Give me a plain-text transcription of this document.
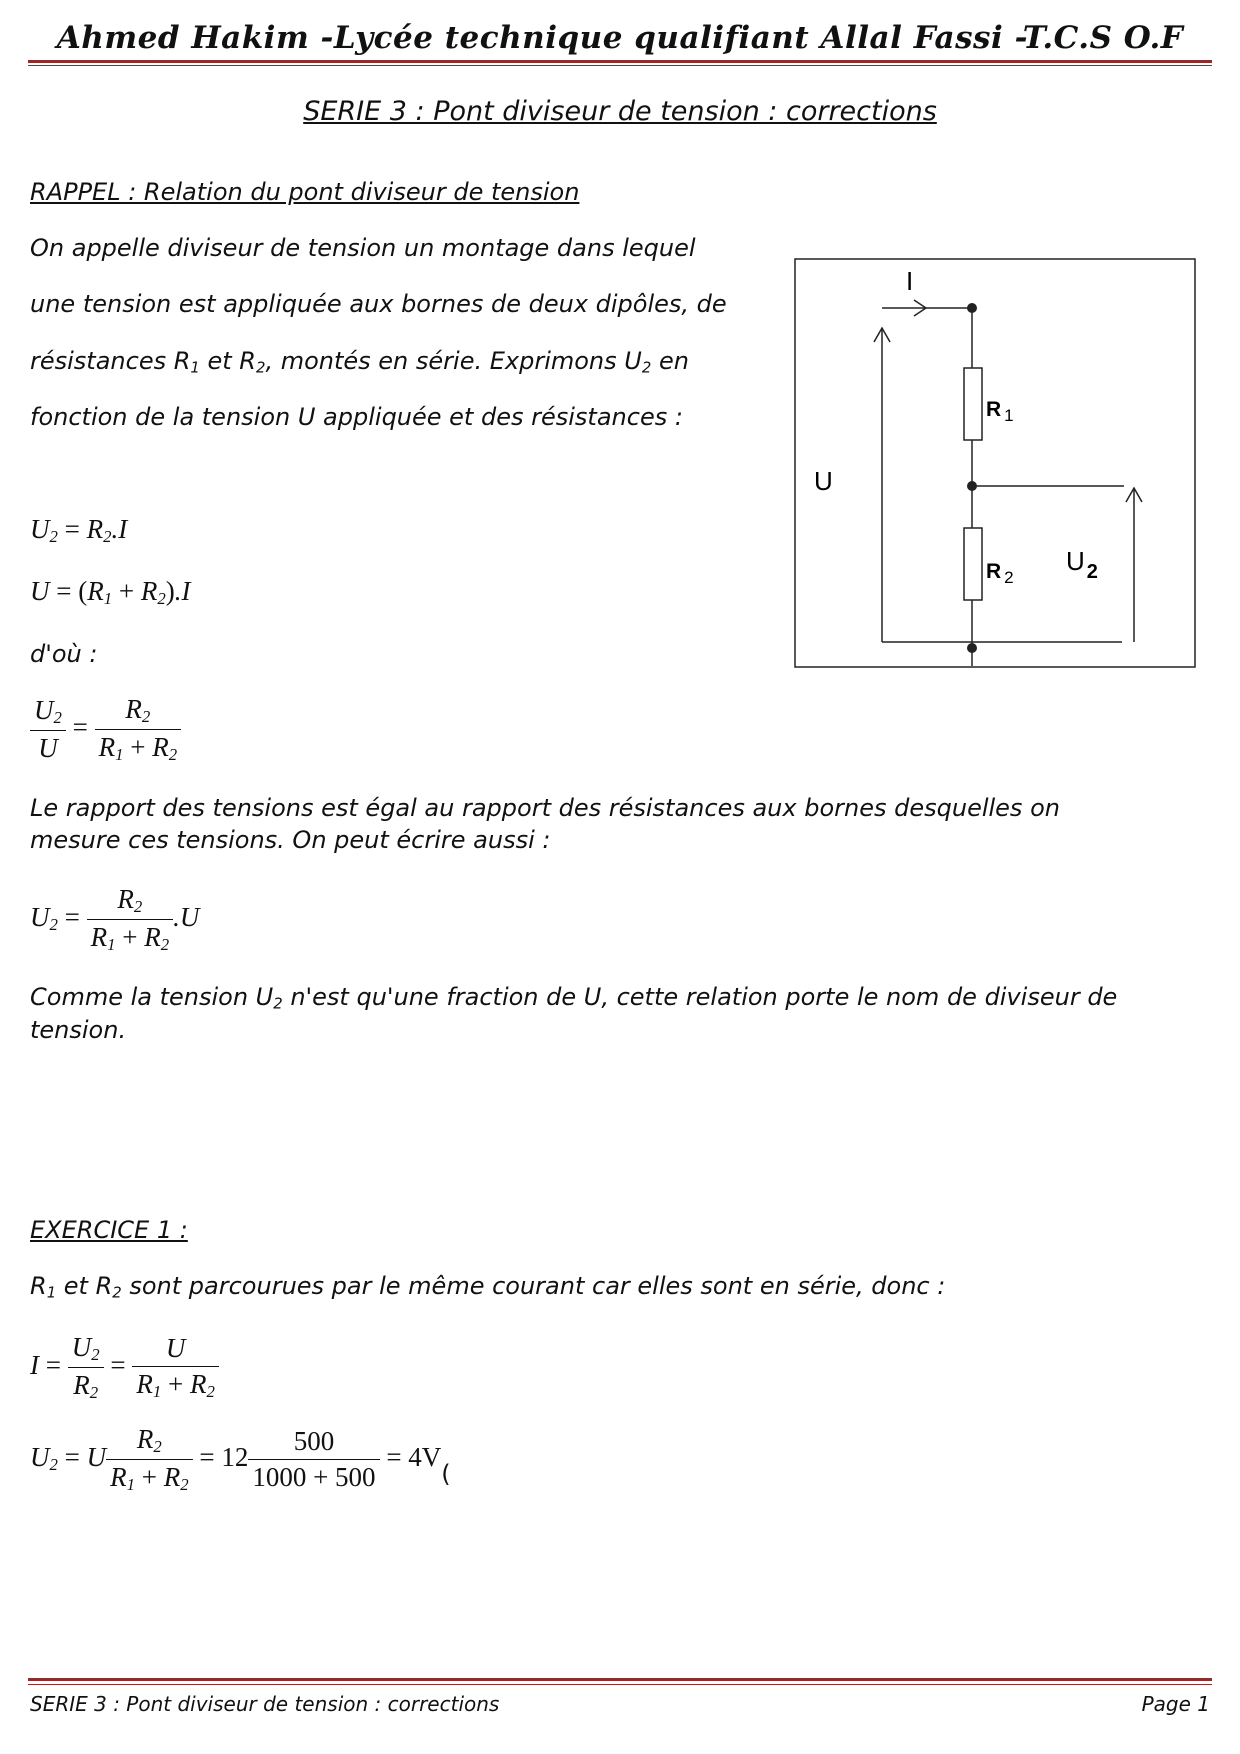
Ahmed Hakim -Lycée technique qualifiant Allal Fassi -T.C.S O.F
SERIE 3 : Pont diviseur de tension : corrections
RAPPEL : Relation du pont diviseur de tension
On appelle diviseur de tension un montage dans lequel
une tension est appliquée aux bornes de deux dipôles, de
résistances $R_1$ et $R_2$, montés en série. Exprimons $U_2$ en
fonction de la tension U appliquée et des résistances :
$U_2 = R_2.I$
$U = (R_1 + R_2).I$
d'où :
$\frac{U_2}{U} = \frac{R_2}{R_1 + R_2}$
Le rapport des tensions est égal au rapport des résistances aux bornes desquelles on
mesure ces tensions. On peut écrire aussi :
$U_2 = \frac{R_2}{R_1 + R_2} .U$
Comme la tension $U_2$ n'est qu'une fraction de U, cette relation porte le nom de diviseur de
tension.
I
R $_1$
R $_2$
U
U $_2$
EXERCICE 1 :
$R_1$ et $R_2$ sont parcourues par le même courant car elles sont en série, donc :
$I = \frac{U_2}{R_2} = \frac{U}{R_1 + R_2}$
$U_2 = U \frac{R_2}{R_1 + R_2} = 12 \frac{500}{1000 + 500} = 4V$(
SERIE 3 : Pont diviseur de tension : corrections	Page 1
